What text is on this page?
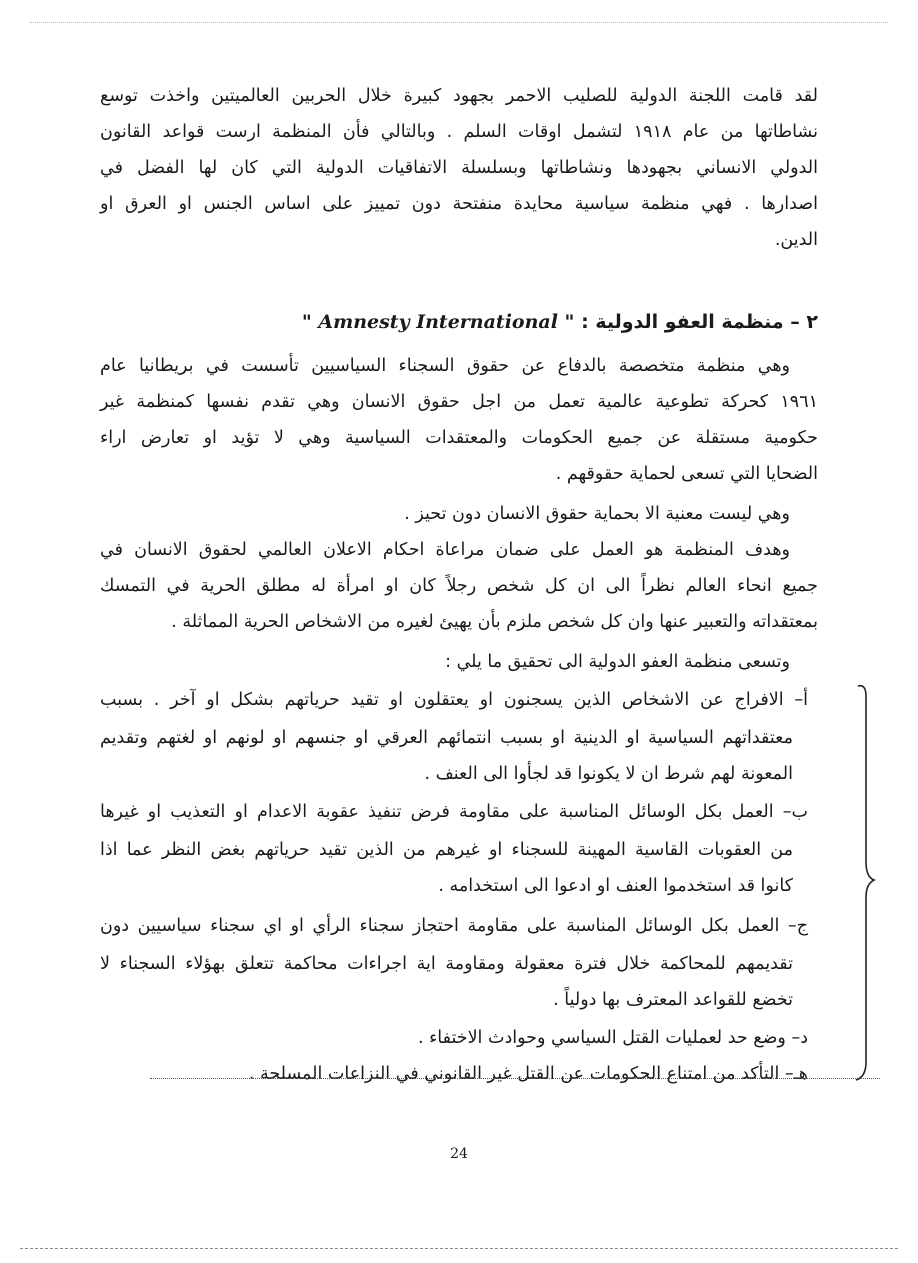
لقد قامت اللجنة الدولية للصليب الاحمر بجهود كبيرة خلال الحربين العالميتين واخذت توسع
نشاطاتها من عام ١٩١٨ لتشمل اوقات السلم . وبالتالي فأن المنظمة ارست قواعد القانون
الدولي الانساني بجهودها ونشاطاتها وبسلسلة الاتفاقيات الدولية التي كان لها الفضل في
اصدارها . فهي منظمة سياسية محايدة منفتحة دون تمييز على اساس الجنس او العرق او
الدين.
٢ – منظمة العفو الدولية : " Amnesty International "
وهي منظمة متخصصة بالدفاع عن حقوق السجناء السياسيين تأسست في بريطانيا عام
١٩٦١ كحركة تطوعية عالمية تعمل من اجل حقوق الانسان وهي تقدم نفسها كمنظمة غير
حكومية مستقلة عن جميع الحكومات والمعتقدات السياسية وهي لا تؤيد او تعارض اراء
الضحايا التي تسعى لحماية حقوقهم .
وهي ليست معنية الا بحماية حقوق الانسان دون تحيز .
وهدف المنظمة هو العمل على ضمان مراعاة احكام الاعلان العالمي لحقوق الانسان في
جميع انحاء العالم نظراً الى ان كل شخص رجلاً كان او امرأة له مطلق الحرية في التمسك
بمعتقداته والتعبير عنها وان كل شخص ملزم بأن يهيئ لغيره من الاشخاص الحرية المماثلة .
وتسعى منظمة العفو الدولية الى تحقيق ما يلي :
أ– الافراج عن الاشخاص الذين يسجنون او يعتقلون او تقيد حرياتهم بشكل او آخر . بسبب
معتقداتهم السياسية او الدينية او بسبب انتمائهم العرقي او جنسهم او لونهم او لغتهم وتقديم
المعونة لهم شرط ان لا يكونوا قد لجأوا الى العنف .
ب– العمل بكل الوسائل المناسبة على مقاومة فرض تنفيذ عقوبة الاعدام او التعذيب او غيرها
من العقوبات القاسية المهينة للسجناء او غيرهم من الذين تقيد حرياتهم بغض النظر عما اذا
كانوا قد استخدموا العنف او ادعوا الى استخدامه .
ج– العمل بكل الوسائل المناسبة على مقاومة احتجاز سجناء الرأي او اي سجناء سياسيين دون
تقديمهم للمحاكمة خلال فترة معقولة ومقاومة اية اجراءات محاكمة تتعلق بهؤلاء السجناء لا
تخضع للقواعد المعترف بها دولياً .
د– وضع حد لعمليات القتل السياسي وحوادث الاختفاء .
هـ– التأكد من امتناع الحكومات عن القتل غير القانوني في النزاعات المسلحة .
24
